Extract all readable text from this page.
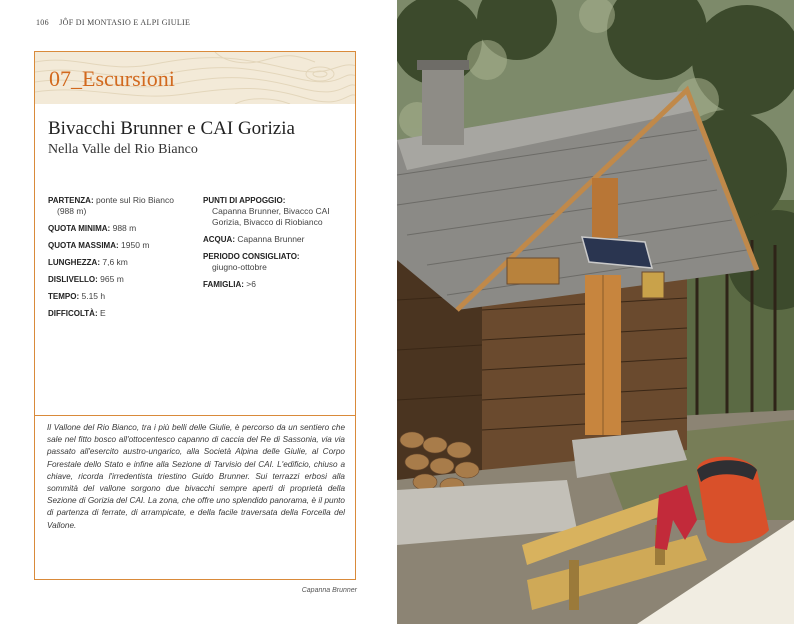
106 JÔF DI MONTASIO E ALPI GIULIE
07_Escursioni
Bivacchi Brunner e CAI Gorizia
Nella Valle del Rio Bianco
PARTENZA: ponte sul Rio Bianco
(988 m)
QUOTA MINIMA: 988 m
QUOTA MASSIMA: 1950 m
LUNGHEZZA: 7,6 km
DISLIVELLO: 965 m
TEMPO: 5.15 h
DIFFICOLTÀ: E
PUNTI DI APPOGGIO:
Capanna Brunner, Bivacco CAI Gorizia, Bivacco di Riobianco
ACQUA: Capanna Brunner
PERIODO CONSIGLIATO:
giugno-ottobre
FAMIGLIA: >6

Il Vallone del Rio Bianco, tra i più belli delle Giulie, è percorso da un sentiero che sale nel fitto bosco all'ottocentesco capanno di caccia del Re di Sassonia, via via passato all'esercito austro-ungarico, alla Società Alpina delle Giulie, al Corpo Forestale dello Stato e infine alla Sezione di Tarvisio del CAI. L'edificio, chiuso a chiave, ricorda l'irredentista triestino Guido Brunner. Sui terrazzi erbosi alla sommità del vallone sorgono due bivacchi sempre aperti di proprietà della Sezione di Gorizia del CAI. La zona, che offre uno splendido panorama, è il punto di partenza di ferrate, di arrampicate, e della facile traversata della Forcella del Vallone.

Capanna Brunner
